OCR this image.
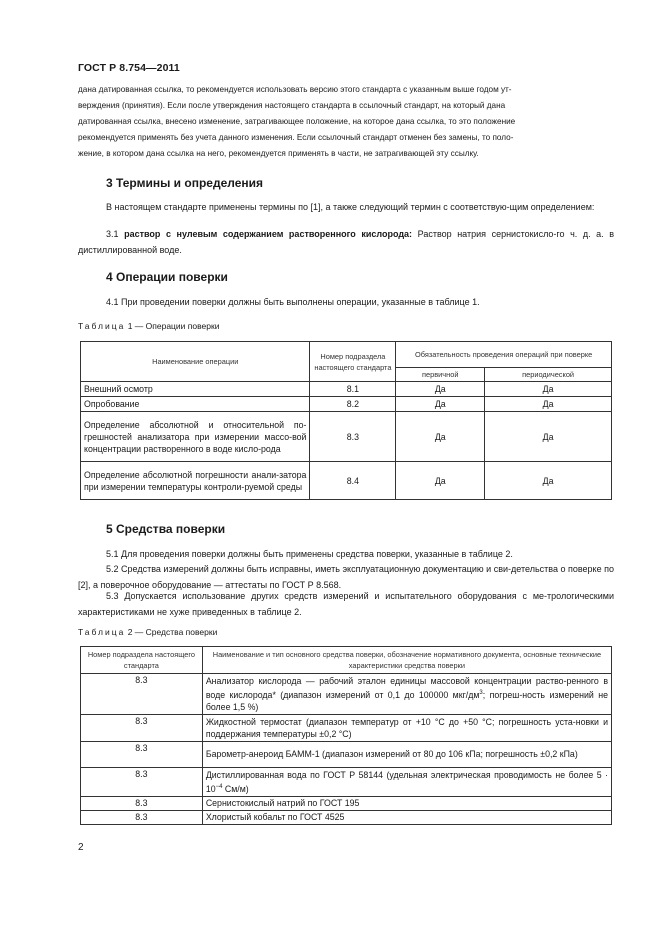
ГОСТ Р 8.754—2011
дана датированная ссылка, то рекомендуется использовать версию этого стандарта с указанным выше годом ут-
верждения (принятия). Если после утверждения настоящего стандарта в ссылочный стандарт, на который дана
датированная ссылка, внесено изменение, затрагивающее положение, на которое дана ссылка, то это положение
рекомендуется применять без учета данного изменения. Если ссылочный стандарт отменен без замены, то поло-
жение, в котором дана ссылка на него, рекомендуется применять в части, не затрагивающей эту ссылку.
3 Термины и определения
В настоящем стандарте применены термины по [1], а также следующий термин с соответствую-щим определением:
3.1 раствор с нулевым содержанием растворенного кислорода: Раствор натрия сернистокисло-го ч. д. а. в дистиллированной воде.
4 Операции поверки
4.1 При проведении поверки должны быть выполнены операции, указанные в таблице 1.
Таблица 1 — Операции поверки
Наименование операции	Номер подраздела настоящего стандарта	Обязательность проведения операций при поверке	
		первичной	периодической
Внешний осмотр	8.1	Да	Да
Опробование	8.2	Да	Да
Определение абсолютной и относительной по-грешностей анализатора при измерении массо-вой концентрации растворенного в воде кисло-рода	8.3	Да	Да
Определение абсолютной погрешности анали-затора при измерении температуры контроли-руемой среды	8.4	Да	Да
5 Средства поверки
5.1 Для проведения поверки должны быть применены средства поверки, указанные в таблице 2.
5.2 Средства измерений должны быть исправны, иметь эксплуатационную документацию и сви-детельства о поверке по [2], а поверочное оборудование — аттестаты по ГОСТ Р 8.568.
5.3 Допускается использование других средств измерений и испытательного оборудования с ме-трологическими характеристиками не хуже приведенных в таблице 2.
Таблица 2 — Средства поверки
Номер подраздела настоящего стандарта	Наименование и тип основного средства поверки, обозначение нормативного документа, основные технические характеристики средства поверки
8.3	Анализатор кислорода — рабочий эталон единицы массовой концентрации раство-ренного в воде кислорода* (диапазон измерений от 0,1 до 100000 мкг/$дм^3$; погреш-ность измерений не более 1,5 %)
8.3	Жидкостной термостат (диапазон температур от +10 °С до +50 °С; погрешность уста-новки и поддержания температуры ±0,2 °С)
8.3	Барометр-анероид БАММ-1 (диапазон измерений от 80 до 106 кПа; погрешность ±0,2 кПа)
8.3	Дистиллированная вода по ГОСТ Р 58144 (удельная электрическая проводимость не более $5 \cdot 10^{-4}$ См/м)
8.3	Сернистокислый натрий по ГОСТ 195
8.3	Хлористый кобальт по ГОСТ 4525
2
